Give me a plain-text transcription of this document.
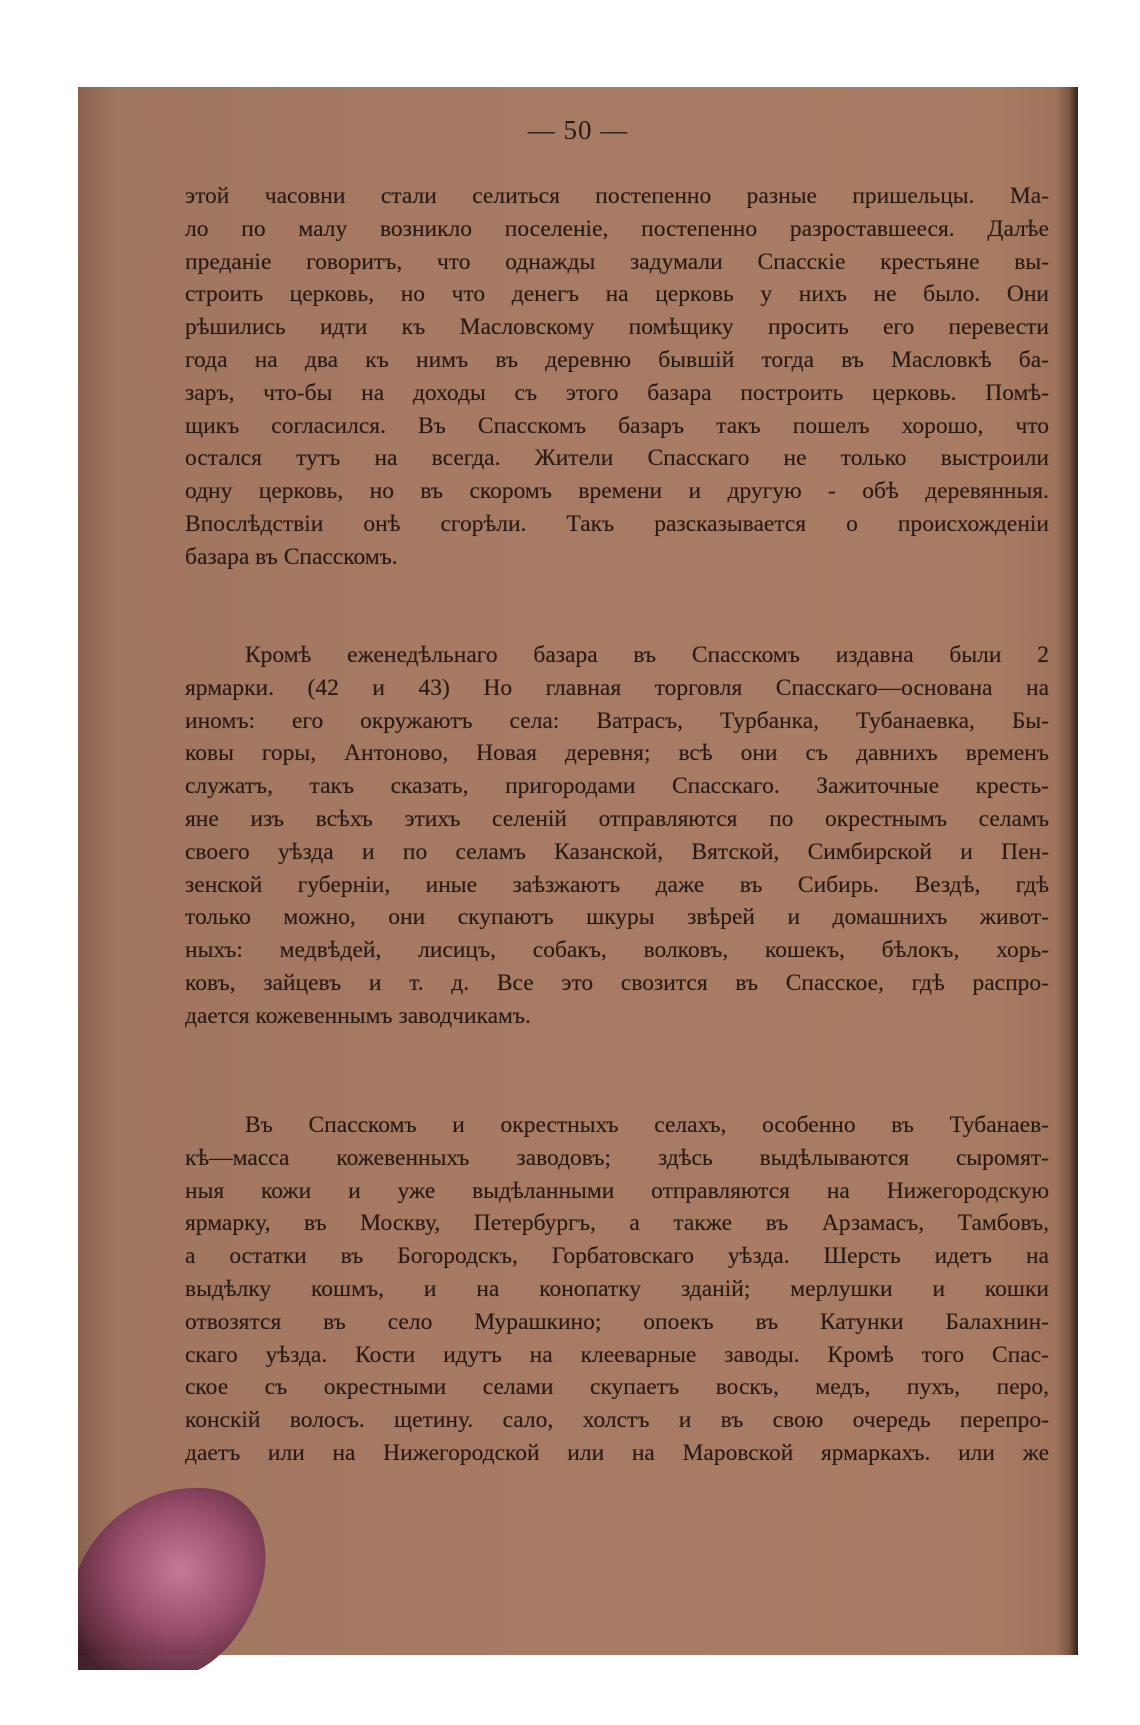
— 50 —
этой часовни стали селиться постепенно разные пришельцы. Ма-
ло по малу возникло поселеніе, постепенно разроставшееся. Далѣе
преданіе говоритъ, что однажды задумали Спасскіе крестьяне вы-
строить церковь, но что денегъ на церковь у нихъ не было. Они
рѣшились идти къ Масловскому помѣщику просить его перевести
года на два къ нимъ въ деревню бывшій тогда въ Масловкѣ ба-
заръ, что-бы на доходы съ этого базара построить церковь. Помѣ-
щикъ согласился. Въ Спасскомъ базаръ такъ пошелъ хорошо, что
остался тутъ на всегда. Жители Спасскаго не только выстроили
одну церковь, но въ скоромъ времени и другую - обѣ деревянныя.
Впослѣдствіи онѣ сгорѣли. Такъ разсказывается о происхожденіи
базара въ Спасскомъ.
Кромѣ еженедѣльнаго базара въ Спасскомъ издавна были 2
ярмарки. (42 и 43) Но главная торговля Спасскаго—основана на
иномъ: его окружаютъ села: Ватрасъ, Турбанка, Тубанаевка, Бы-
ковы горы, Антоново, Новая деревня; всѣ они съ давнихъ временъ
служатъ, такъ сказать, пригородами Спасскаго. Зажиточные кресть-
яне изъ всѣхъ этихъ селеній отправляются по окрестнымъ селамъ
своего уѣзда и по селамъ Казанской, Вятской, Симбирской и Пен-
зенской губерніи, иные заѣзжаютъ даже въ Сибирь. Вездѣ, гдѣ
только можно, они скупаютъ шкуры звѣрей и домашнихъ живот-
ныхъ: медвѣдей, лисицъ, собакъ, волковъ, кошекъ, бѣлокъ, хорь-
ковъ, зайцевъ и т. д. Все это свозится въ Спасское, гдѣ распро-
дается кожевеннымъ заводчикамъ.
Въ Спасскомъ и окрестныхъ селахъ, особенно въ Тубанаев-
кѣ—масса кожевенныхъ заводовъ; здѣсь выдѣлываются сыромят-
ныя кожи и уже выдѣланными отправляются на Нижегородскую
ярмарку, въ Москву, Петербургъ, а также въ Арзамасъ, Тамбовъ,
а остатки въ Богородскъ, Горбатовскаго уѣзда. Шерсть идетъ на
выдѣлку кошмъ, и на конопатку зданій; мерлушки и кошки
отвозятся въ село Мурашкино; опоекъ въ Катунки Балахнин-
скаго уѣзда. Кости идутъ на клееварные заводы. Кромѣ того Спас-
ское съ окрестными селами скупаетъ воскъ, медъ, пухъ, перо,
конскій волосъ. щетину. сало, холстъ и въ свою очередь перепро-
даетъ или на Нижегородской или на Маровской ярмаркахъ. или же
